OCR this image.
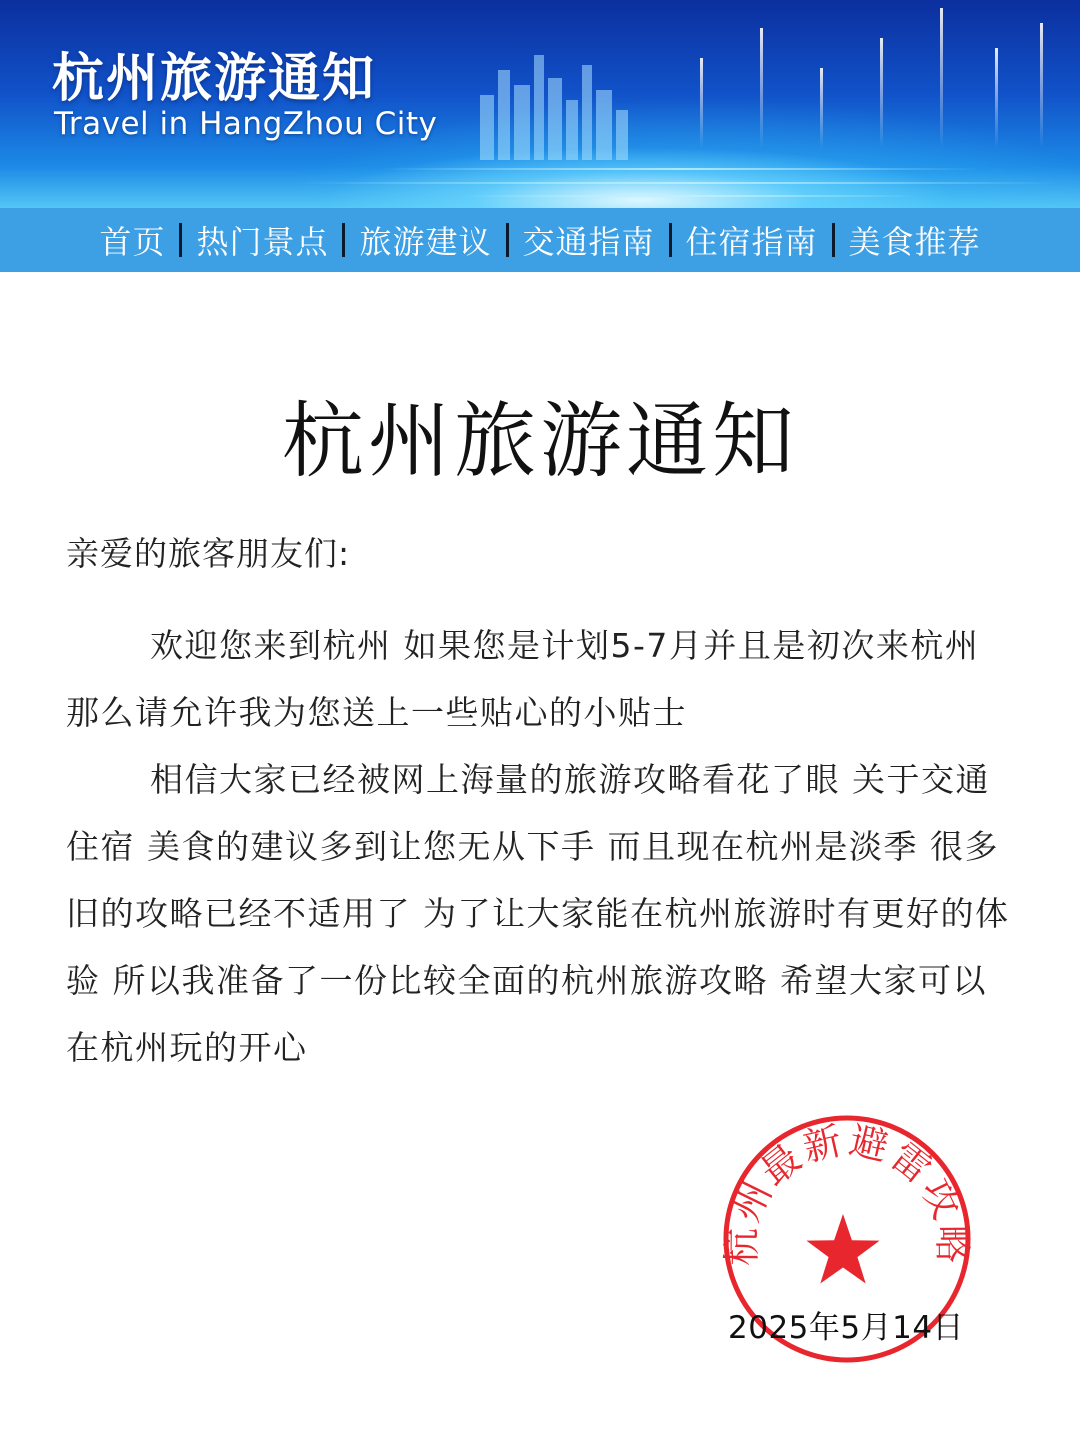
杭州旅游通知
Travel in HangZhou City
首页 热门景点 旅游建议 交通指南 住宿指南 美食推荐
杭州旅游通知
亲爱的旅客朋友们:

欢迎您来到杭州 如果您是计划5-7月并且是初次来杭州 那么请允许我为您送上一些贴心的小贴士

相信大家已经被网上海量的旅游攻略看花了眼 关于交通住宿 美食的建议多到让您无从下手 而且现在杭州是淡季 很多旧的攻略已经不适用了 为了让大家能在杭州旅游时有更好的体验 所以我准备了一份比较全面的杭州旅游攻略 希望大家可以在杭州玩的开心

杭州最新避雷攻略
2025年5月14日
